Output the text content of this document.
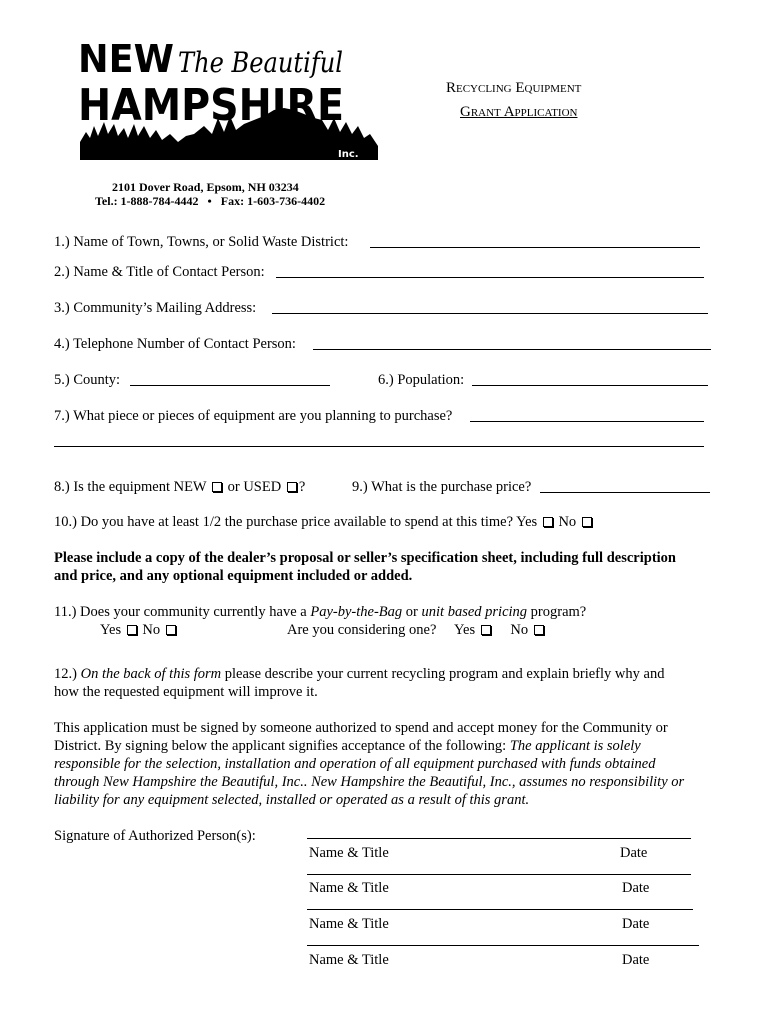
NEW The Beautiful
HAMPSHIRE
Inc.
Recycling Equipment
Grant Application
2101 Dover Road, Epsom, NH 03234
Tel.: 1-888-784-4442 • Fax: 1-603-736-4402
1.) Name of Town, Towns, or Solid Waste District:
2.) Name & Title of Contact Person:
3.) Community’s Mailing Address:
4.) Telephone Number of Contact Person:
5.) County:	6.) Population:
7.) What piece or pieces of equipment are you planning to purchase?
8.) Is the equipment NEW or USED ?	9.) What is the purchase price?
10.) Do you have at least 1/2 the purchase price available to spend at this time? Yes No
Please include a copy of the dealer’s proposal or seller’s specification sheet, including full description
and price, and any optional equipment included or added.
11.) Does your community currently have a Pay-by-the-Bag or unit based pricing program?
Yes No	Are you considering one? Yes No
12.) On the back of this form please describe your current recycling program and explain briefly why and
how the requested equipment will improve it.
This application must be signed by someone authorized to spend and accept money for the Community or
District. By signing below the applicant signifies acceptance of the following: The applicant is solely
responsible for the selection, installation and operation of all equipment purchased with funds obtained
through New Hampshire the Beautiful, Inc.. New Hampshire the Beautiful, Inc., assumes no responsibility or
liability for any equipment selected, installed or operated as a result of this grant.
Signature of Authorized Person(s):
Name & Title	Date
Name & Title	Date
Name & Title	Date
Name & Title	Date
